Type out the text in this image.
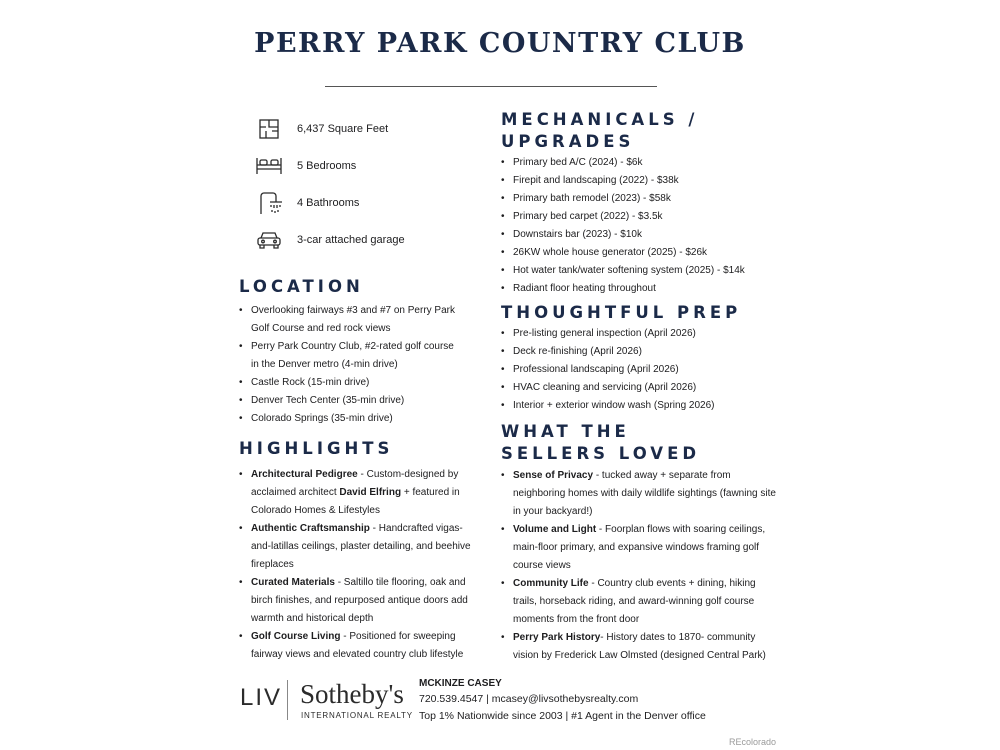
PERRY PARK COUNTRY CLUB
6,437 Square Feet
5 Bedrooms
4 Bathrooms
3-car attached garage
LOCATION
• Overlooking fairways #3 and #7 on Perry Park
Golf Course and red rock views
• Perry Park Country Club, #2-rated golf course
in the Denver metro (4-min drive)
• Castle Rock (15-min drive)
• Denver Tech Center (35-min drive)
• Colorado Springs (35-min drive)
HIGHLIGHTS
• Architectural Pedigree - Custom-designed by acclaimed architect David Elfring + featured in Colorado Homes & Lifestyles
• Authentic Craftsmanship - Handcrafted vigas-and-latillas ceilings, plaster detailing, and beehive fireplaces
• Curated Materials - Saltillo tile flooring, oak and birch finishes, and repurposed antique doors add warmth and historical depth
• Golf Course Living - Positioned for sweeping fairway views and elevated country club lifestyle
MECHANICALS /
UPGRADES
• Primary bed A/C (2024) - $6k
• Firepit and landscaping (2022) - $38k
• Primary bath remodel (2023) - $58k
• Primary bed carpet (2022) - $3.5k
• Downstairs bar (2023) - $10k
• 26KW whole house generator (2025) - $26k
• Hot water tank/water softening system (2025) - $14k
• Radiant floor heating throughout
THOUGHTFUL PREP
• Pre-listing general inspection (April 2026)
• Deck re-finishing (April 2026)
• Professional landscaping (April 2026)
• HVAC cleaning and servicing (April 2026)
• Interior + exterior window wash (Spring 2026)
WHAT THE
SELLERS LOVED
• Sense of Privacy - tucked away + separate from neighboring homes with daily wildlife sightings (fawning site in your backyard!)
• Volume and Light - Foorplan flows with soaring ceilings, main-floor primary, and expansive windows framing golf course views
• Community Life - Country club events + dining, hiking trails, horseback riding, and award-winning golf course moments from the front door
• Perry Park History- History dates to 1870- community vision by Frederick Law Olmsted (designed Central Park)
LIV Sotheby's
INTERNATIONAL REALTY
MCKINZE CASEY
720.539.4547 | mcasey@livsothebysrealty.com
Top 1% Nationwide since 2003 | #1 Agent in the Denver office
REcolorado
